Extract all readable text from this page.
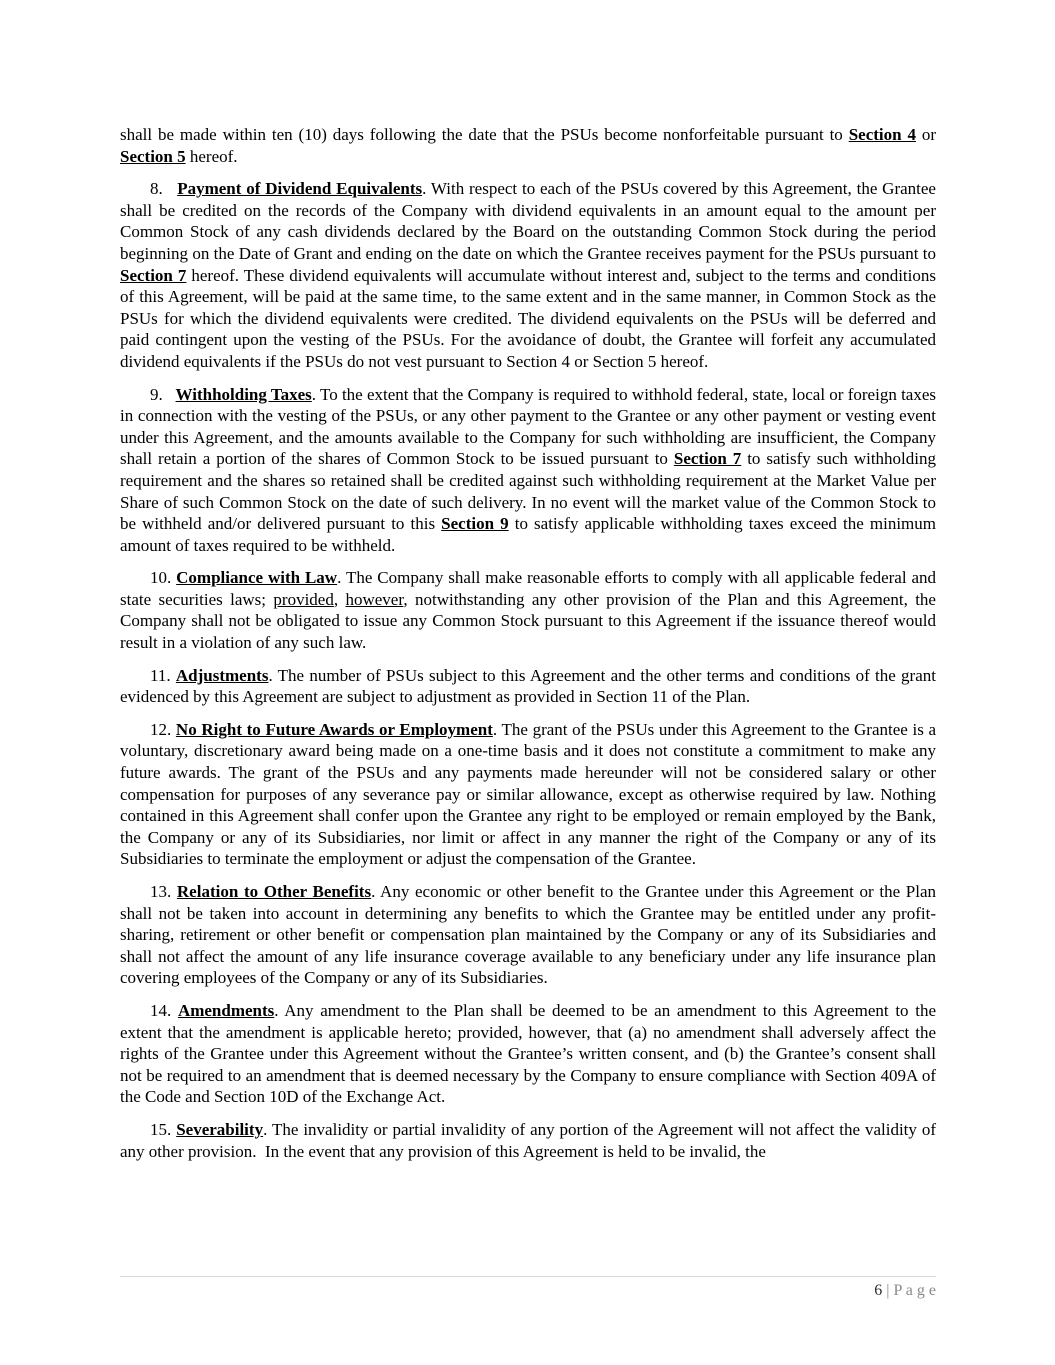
shall be made within ten (10) days following the date that the PSUs become nonforfeitable pursuant to Section 4 or Section 5 hereof.

8.   Payment of Dividend Equivalents. With respect to each of the PSUs covered by this Agreement, the Grantee shall be credited on the records of the Company with dividend equivalents in an amount equal to the amount per Common Stock of any cash dividends declared by the Board on the outstanding Common Stock during the period beginning on the Date of Grant and ending on the date on which the Grantee receives payment for the PSUs pursuant to Section 7 hereof. These dividend equivalents will accumulate without interest and, subject to the terms and conditions of this Agreement, will be paid at the same time, to the same extent and in the same manner, in Common Stock as the PSUs for which the dividend equivalents were credited. The dividend equivalents on the PSUs will be deferred and paid contingent upon the vesting of the PSUs. For the avoidance of doubt, the Grantee will forfeit any accumulated dividend equivalents if the PSUs do not vest pursuant to Section 4 or Section 5 hereof.

9.   Withholding Taxes. To the extent that the Company is required to withhold federal, state, local or foreign taxes in connection with the vesting of the PSUs, or any other payment to the Grantee or any other payment or vesting event under this Agreement, and the amounts available to the Company for such withholding are insufficient, the Company shall retain a portion of the shares of Common Stock to be issued pursuant to Section 7 to satisfy such withholding requirement and the shares so retained shall be credited against such withholding requirement at the Market Value per Share of such Common Stock on the date of such delivery. In no event will the market value of the Common Stock to be withheld and/or delivered pursuant to this Section 9 to satisfy applicable withholding taxes exceed the minimum amount of taxes required to be withheld.

10. Compliance with Law. The Company shall make reasonable efforts to comply with all applicable federal and state securities laws; provided, however, notwithstanding any other provision of the Plan and this Agreement, the Company shall not be obligated to issue any Common Stock pursuant to this Agreement if the issuance thereof would result in a violation of any such law.

11. Adjustments. The number of PSUs subject to this Agreement and the other terms and conditions of the grant evidenced by this Agreement are subject to adjustment as provided in Section 11 of the Plan.

12. No Right to Future Awards or Employment. The grant of the PSUs under this Agreement to the Grantee is a voluntary, discretionary award being made on a one-time basis and it does not constitute a commitment to make any future awards. The grant of the PSUs and any payments made hereunder will not be considered salary or other compensation for purposes of any severance pay or similar allowance, except as otherwise required by law. Nothing contained in this Agreement shall confer upon the Grantee any right to be employed or remain employed by the Bank, the Company or any of its Subsidiaries, nor limit or affect in any manner the right of the Company or any of its Subsidiaries to terminate the employment or adjust the compensation of the Grantee.

13. Relation to Other Benefits. Any economic or other benefit to the Grantee under this Agreement or the Plan shall not be taken into account in determining any benefits to which the Grantee may be entitled under any profit-sharing, retirement or other benefit or compensation plan maintained by the Company or any of its Subsidiaries and shall not affect the amount of any life insurance coverage available to any beneficiary under any life insurance plan covering employees of the Company or any of its Subsidiaries.

14. Amendments. Any amendment to the Plan shall be deemed to be an amendment to this Agreement to the extent that the amendment is applicable hereto; provided, however, that (a) no amendment shall adversely affect the rights of the Grantee under this Agreement without the Grantee’s written consent, and (b) the Grantee’s consent shall not be required to an amendment that is deemed necessary by the Company to ensure compliance with Section 409A of the Code and Section 10D of the Exchange Act.

15. Severability. The invalidity or partial invalidity of any portion of the Agreement will not affect the validity of any other provision.  In the event that any provision of this Agreement is held to be invalid, the

6 | P a g e
